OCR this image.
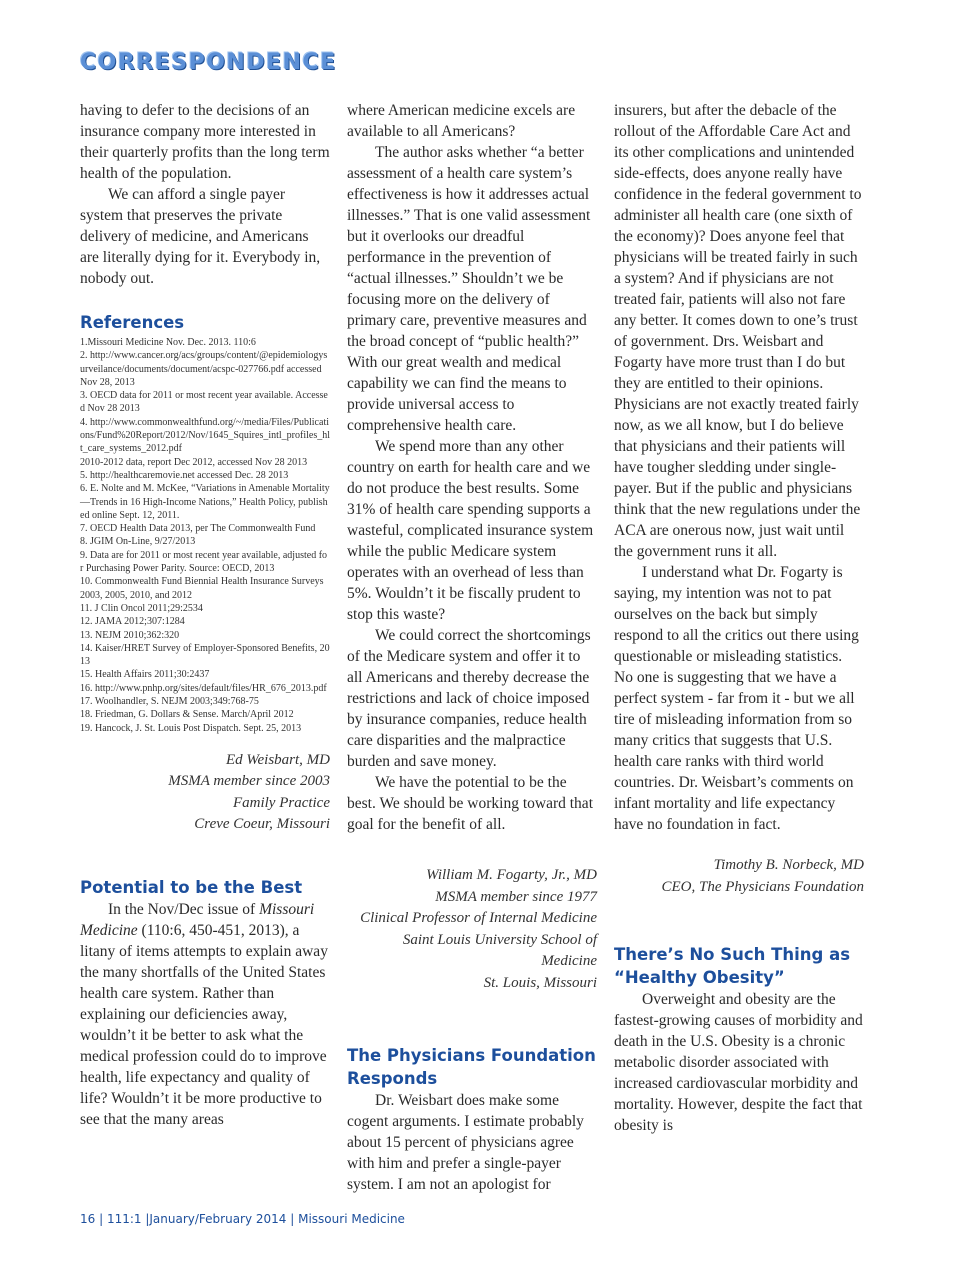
CORRESPONDENCE

having to defer to the decisions of an insurance company more interested in their quarterly profits than the long term health of the population.

We can afford a single payer system that preserves the private delivery of medicine, and Americans are literally dying for it. Everybody in, nobody out.

References
1.Missouri Medicine Nov. Dec. 2013. 110:6
2. http://www.cancer.org/acs/groups/content/@epidemiologysurveilance/documents/document/acspc-027766.pdf accessed Nov 28, 2013
3. OECD data for 2011 or most recent year available. Accessed Nov 28 2013
4. http://www.commonwealthfund.org/~/media/Files/Publications/Fund%20Report/2012/Nov/1645_Squires_intl_profiles_hlt_care_systems_2012.pdf
2010-2012 data, report Dec 2012, accessed Nov 28 2013
5. http://healthcaremovie.net accessed Dec. 28 2013
6. E. Nolte and M. McKee, “Variations in Amenable Mortality—Trends in 16 High-Income Nations,” Health Policy, published online Sept. 12, 2011.
7. OECD Health Data 2013, per The Commonwealth Fund
8. JGIM On-Line, 9/27/2013
9. Data are for 2011 or most recent year available, adjusted for Purchasing Power Parity. Source: OECD, 2013
10. Commonwealth Fund Biennial Health Insurance Surveys 2003, 2005, 2010, and 2012
11. J Clin Oncol 2011;29:2534
12. JAMA 2012;307:1284
13. NEJM 2010;362:320
14. Kaiser/HRET Survey of Employer-Sponsored Benefits, 2013
15. Health Affairs 2011;30:2437
16. http://www.pnhp.org/sites/default/files/HR_676_2013.pdf
17. Woolhandler, S. NEJM 2003;349:768-75
18. Friedman, G. Dollars & Sense. March/April 2012
19. Hancock, J. St. Louis Post Dispatch. Sept. 25, 2013
Ed Weisbart, MD
MSMA member since 2003
Family Practice
Creve Coeur, Missouri
Potential to be the Best

In the Nov/Dec issue of Missouri Medicine (110:6, 450-451, 2013), a litany of items attempts to explain away the many shortfalls of the United States health care system. Rather than explaining our deficiencies away, wouldn’t it be better to ask what the medical profession could do to improve health, life expectancy and quality of life? Wouldn’t it be more productive to see that the many areas

where American medicine excels are available to all Americans?

The author asks whether “a better assessment of a health care system’s effectiveness is how it addresses actual illnesses.” That is one valid assessment but it overlooks our dreadful performance in the prevention of “actual illnesses.” Shouldn’t we be focusing more on the delivery of primary care, preventive measures and the broad concept of “public health?” With our great wealth and medical capability we can find the means to provide universal access to comprehensive health care.

We spend more than any other country on earth for health care and we do not produce the best results. Some 31% of health care spending supports a wasteful, complicated insurance system while the public Medicare system operates with an overhead of less than 5%. Wouldn’t it be fiscally prudent to stop this waste?

We could correct the shortcomings of the Medicare system and offer it to all Americans and thereby decrease the restrictions and lack of choice imposed by insurance companies, reduce health care disparities and the malpractice burden and save money.

We have the potential to be the best. We should be working toward that goal for the benefit of all.

William M. Fogarty, Jr., MD
MSMA member since 1977
Clinical Professor of Internal Medicine
Saint Louis University School of Medicine
St. Louis, Missouri
The Physicians Foundation Responds

Dr. Weisbart does make some cogent arguments. I estimate probably about 15 percent of physicians agree with him and prefer a single-payer system. I am not an apologist for

insurers, but after the debacle of the rollout of the Affordable Care Act and its other complications and unintended side-effects, does anyone really have confidence in the federal government to administer all health care (one sixth of the economy)? Does anyone feel that physicians will be treated fairly in such a system? And if physicians are not treated fair, patients will also not fare any better. It comes down to one’s trust of government. Drs. Weisbart and Fogarty have more trust than I do but they are entitled to their opinions. Physicians are not exactly treated fairly now, as we all know, but I do believe that physicians and their patients will have tougher sledding under single-payer. But if the public and physicians think that the new regulations under the ACA are onerous now, just wait until the government runs it all.

I understand what Dr. Fogarty is saying, my intention was not to pat ourselves on the back but simply respond to all the critics out there using questionable or misleading statistics. No one is suggesting that we have a perfect system - far from it - but we all tire of misleading information from so many critics that suggests that U.S. health care ranks with third world countries. Dr. Weisbart’s comments on infant mortality and life expectancy have no foundation in fact.

Timothy B. Norbeck, MD
CEO, The Physicians Foundation
There’s No Such Thing as “Healthy Obesity”

Overweight and obesity are the fastest-growing causes of morbidity and death in the U.S. Obesity is a chronic metabolic disorder associated with increased cardiovascular morbidity and mortality. However, despite the fact that obesity is

16 | 111:1 |January/February 2014 | Missouri Medicine
